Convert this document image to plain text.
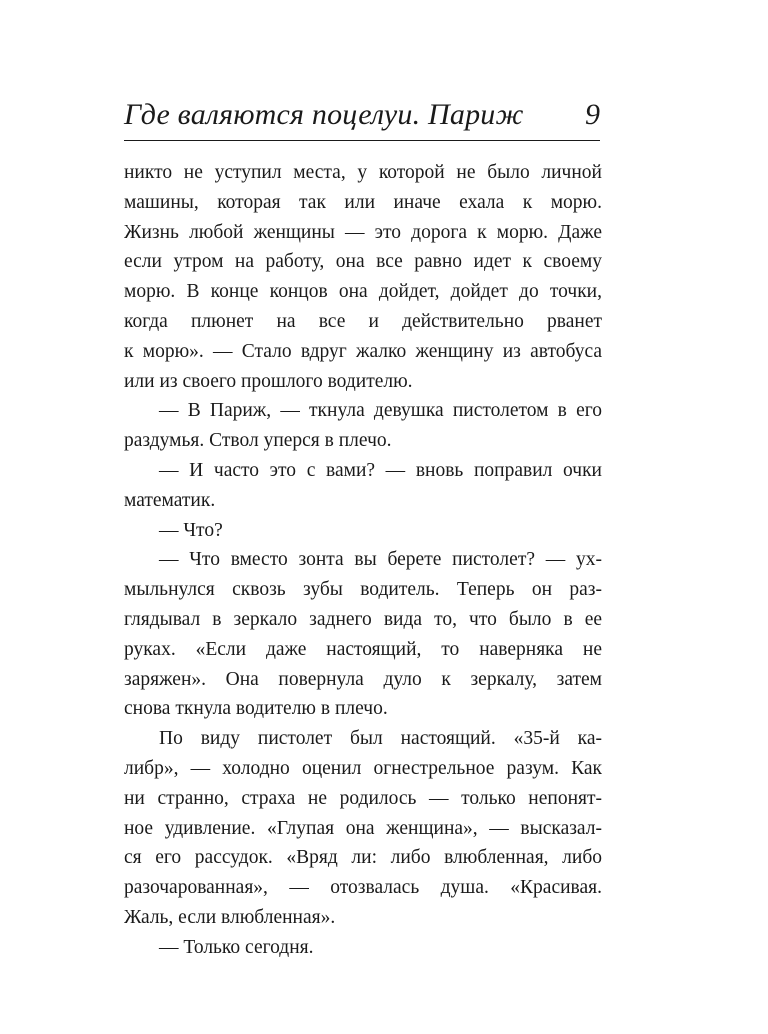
Где валяются поцелуи. Париж 9
никто не уступил места, у которой не было личной
машины, которая так или иначе ехала к морю.
Жизнь любой женщины — это дорога к морю. Даже
если утром на работу, она все равно идет к своему
морю. В конце концов она дойдет, дойдет до точки,
когда плюнет на все и действительно рванет
к морю». — Стало вдруг жалко женщину из автобуса
или из своего прошлого водителю.
— В Париж, — ткнула девушка пистолетом в его
раздумья. Ствол уперся в плечо.
— И часто это с вами? — вновь поправил очки
математик.
— Что?
— Что вместо зонта вы берете пистолет? — ух-
мыльнулся сквозь зубы водитель. Теперь он раз-
глядывал в зеркало заднего вида то, что было в ее
руках. «Если даже настоящий, то наверняка не
заряжен». Она повернула дуло к зеркалу, затем
снова ткнула водителю в плечо.
По виду пистолет был настоящий. «35-й ка-
либр», — холодно оценил огнестрельное разум. Как
ни странно, страха не родилось — только непонят-
ное удивление. «Глупая она женщина», — высказал-
ся его рассудок. «Вряд ли: либо влюбленная, либо
разочарованная», — отозвалась душа. «Красивая.
Жаль, если влюбленная».
— Только сегодня.
